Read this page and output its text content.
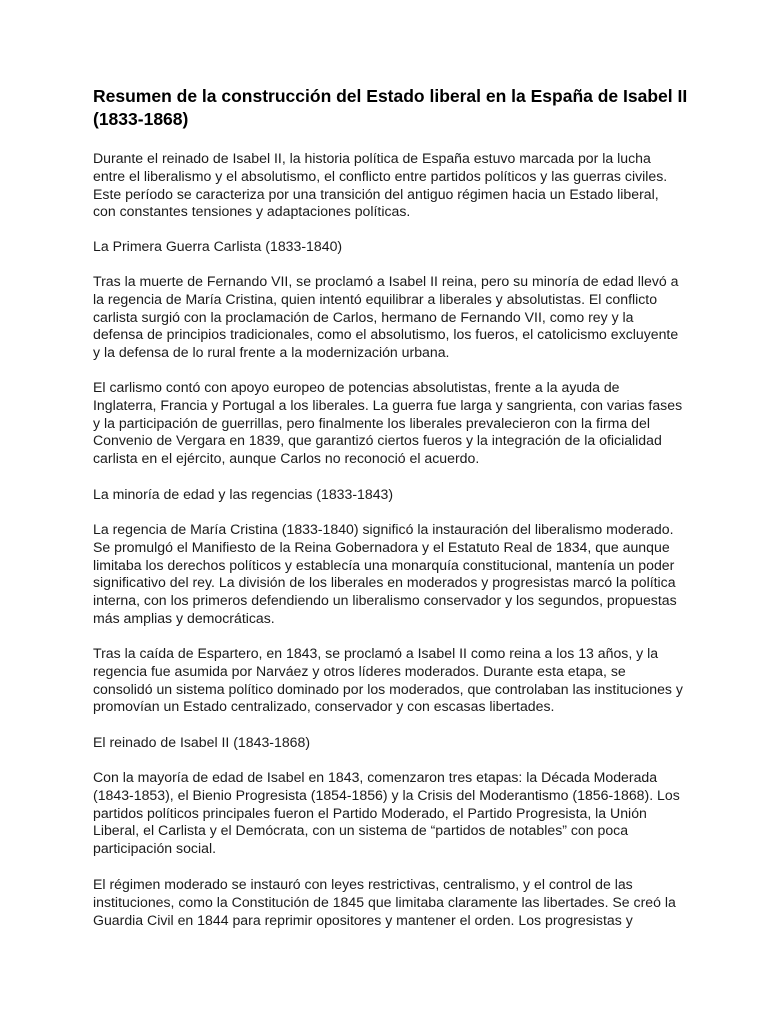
Resumen de la construcción del Estado liberal en la España de Isabel II (1833-1868)

Durante el reinado de Isabel II, la historia política de España estuvo marcada por la lucha entre el liberalismo y el absolutismo, el conflicto entre partidos políticos y las guerras civiles. Este período se caracteriza por una transición del antiguo régimen hacia un Estado liberal, con constantes tensiones y adaptaciones políticas.

La Primera Guerra Carlista (1833-1840)

Tras la muerte de Fernando VII, se proclamó a Isabel II reina, pero su minoría de edad llevó a la regencia de María Cristina, quien intentó equilibrar a liberales y absolutistas. El conflicto carlista surgió con la proclamación de Carlos, hermano de Fernando VII, como rey y la defensa de principios tradicionales, como el absolutismo, los fueros, el catolicismo excluyente y la defensa de lo rural frente a la modernización urbana.

El carlismo contó con apoyo europeo de potencias absolutistas, frente a la ayuda de Inglaterra, Francia y Portugal a los liberales. La guerra fue larga y sangrienta, con varias fases y la participación de guerrillas, pero finalmente los liberales prevalecieron con la firma del Convenio de Vergara en 1839, que garantizó ciertos fueros y la integración de la oficialidad carlista en el ejército, aunque Carlos no reconoció el acuerdo.

La minoría de edad y las regencias (1833-1843)

La regencia de María Cristina (1833-1840) significó la instauración del liberalismo moderado. Se promulgó el Manifiesto de la Reina Gobernadora y el Estatuto Real de 1834, que aunque limitaba los derechos políticos y establecía una monarquía constitucional, mantenía un poder significativo del rey. La división de los liberales en moderados y progresistas marcó la política interna, con los primeros defendiendo un liberalismo conservador y los segundos, propuestas más amplias y democráticas.

Tras la caída de Espartero, en 1843, se proclamó a Isabel II como reina a los 13 años, y la regencia fue asumida por Narváez y otros líderes moderados. Durante esta etapa, se consolidó un sistema político dominado por los moderados, que controlaban las instituciones y promovían un Estado centralizado, conservador y con escasas libertades.

El reinado de Isabel II (1843-1868)

Con la mayoría de edad de Isabel en 1843, comenzaron tres etapas: la Década Moderada (1843-1853), el Bienio Progresista (1854-1856) y la Crisis del Moderantismo (1856-1868). Los partidos políticos principales fueron el Partido Moderado, el Partido Progresista, la Unión Liberal, el Carlista y el Demócrata, con un sistema de “partidos de notables” con poca participación social.

El régimen moderado se instauró con leyes restrictivas, centralismo, y el control de las instituciones, como la Constitución de 1845 que limitaba claramente las libertades. Se creó la Guardia Civil en 1844 para reprimir opositores y mantener el orden. Los progresistas y
